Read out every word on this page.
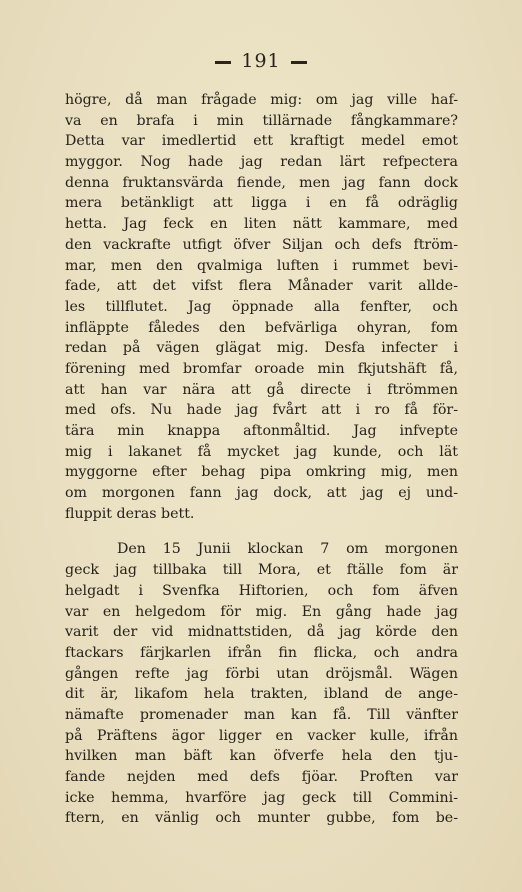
191
högre, då man frågade mig: om jag ville haf-
va en brafa i min tillärnade fångkammare?
Detta var imedlertid ett kraftigt medel emot
myggor. Nog hade jag redan lärt refpectera
denna fruktansvärda fiende, men jag fann dock
mera betänkligt att ligga i en få odräglig
hetta. Jag feck en liten nätt kammare, med
den vackrafte utfigt öfver Siljan och defs ftröm-
mar, men den qvalmiga luften i rummet bevi-
fade, att det vifst flera Månader varit allde-
les tillflutet. Jag öppnade alla fenfter, och
infläppte fåledes den befvärliga ohyran, fom
redan på vägen glägat mig. Desfa infecter i
förening med bromfar oroade min fkjutshäft få,
att han var nära att gå directe i ftrömmen
med ofs. Nu hade jag fvårt att i ro få för-
tära min knappa aftonmåltid. Jag infvepte
mig i lakanet få mycket jag kunde, och lät
myggorne efter behag pipa omkring mig, men
om morgonen fann jag dock, att jag ej und-
fluppit deras bett.
Den 15 Junii klockan 7 om morgonen
geck jag tillbaka till Mora, et ftälle fom är
helgadt i Svenfka Hiftorien, och fom äfven
var en helgedom för mig. En gång hade jag
varit der vid midnattstiden, då jag körde den
ftackars färjkarlen ifrån fin flicka, och andra
gången refte jag förbi utan dröjsmål. Wägen
dit är, likafom hela trakten, ibland de ange-
nämafte promenader man kan få. Till vänfter
på Präftens ägor ligger en vacker kulle, ifrån
hvilken man bäft kan öfverfe hela den tju-
fande nejden med defs fjöar. Proften var
icke hemma, hvarföre jag geck till Commini-
ftern, en vänlig och munter gubbe, fom be-
